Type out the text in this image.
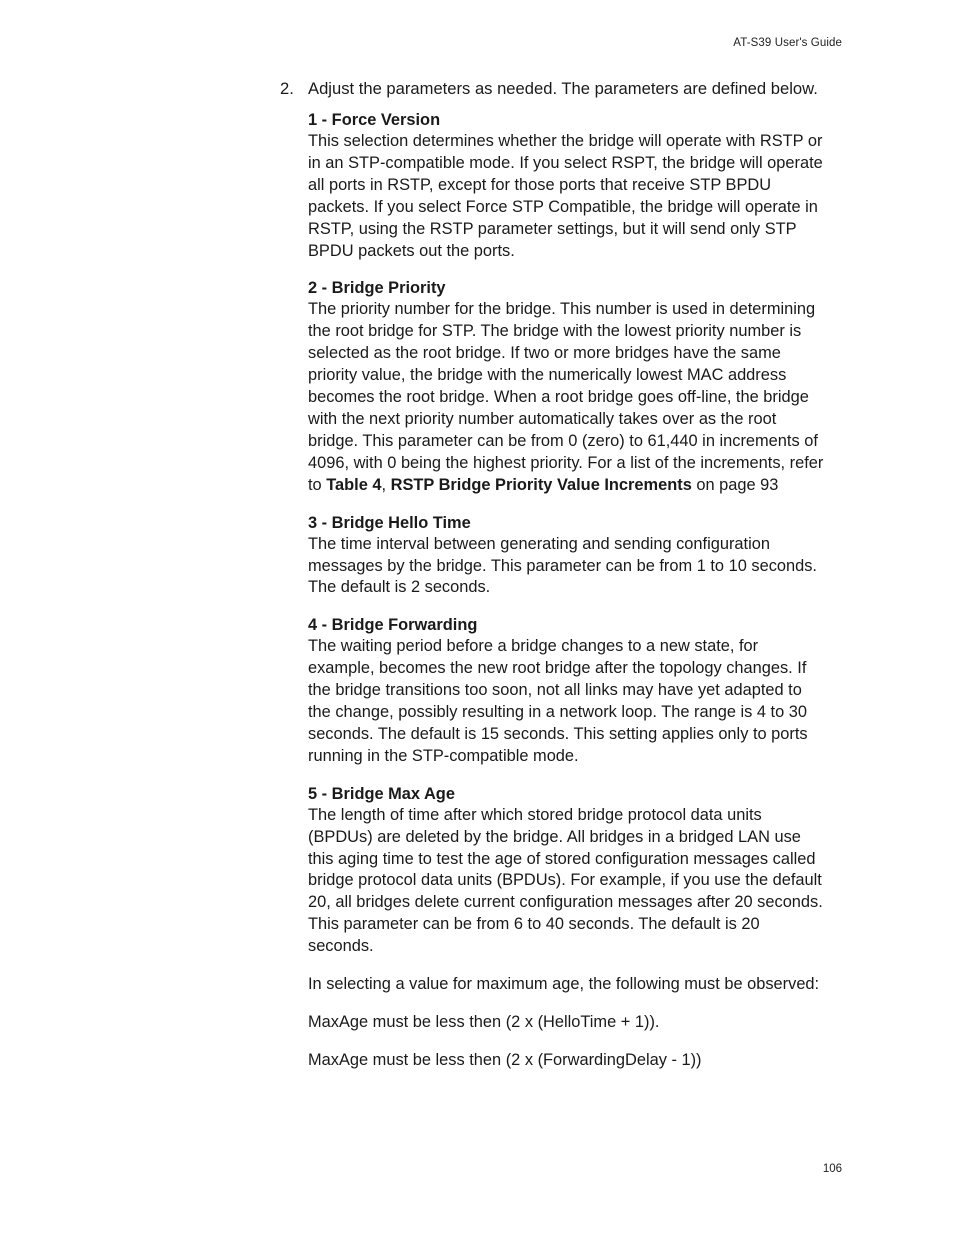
AT-S39 User's Guide
2. Adjust the parameters as needed. The parameters are defined below.
1 - Force Version
This selection determines whether the bridge will operate with RSTP or in an STP-compatible mode. If you select RSPT, the bridge will operate all ports in RSTP, except for those ports that receive STP BPDU packets. If you select Force STP Compatible, the bridge will operate in RSTP, using the RSTP parameter settings, but it will send only STP BPDU packets out the ports.
2 - Bridge Priority
The priority number for the bridge. This number is used in determining the root bridge for STP. The bridge with the lowest priority number is selected as the root bridge. If two or more bridges have the same priority value, the bridge with the numerically lowest MAC address becomes the root bridge. When a root bridge goes off-line, the bridge with the next priority number automatically takes over as the root bridge. This parameter can be from 0 (zero) to 61,440 in increments of 4096, with 0 being the highest priority. For a list of the increments, refer to Table 4, RSTP Bridge Priority Value Increments on page 93
3 - Bridge Hello Time
The time interval between generating and sending configuration messages by the bridge. This parameter can be from 1 to 10 seconds. The default is 2 seconds.
4 - Bridge Forwarding
The waiting period before a bridge changes to a new state, for example, becomes the new root bridge after the topology changes. If the bridge transitions too soon, not all links may have yet adapted to the change, possibly resulting in a network loop. The range is 4 to 30 seconds. The default is 15 seconds. This setting applies only to ports running in the STP-compatible mode.
5 - Bridge Max Age
The length of time after which stored bridge protocol data units (BPDUs) are deleted by the bridge. All bridges in a bridged LAN use this aging time to test the age of stored configuration messages called bridge protocol data units (BPDUs). For example, if you use the default 20, all bridges delete current configuration messages after 20 seconds. This parameter can be from 6 to 40 seconds. The default is 20 seconds.
In selecting a value for maximum age, the following must be observed:
MaxAge must be less then (2 x (HelloTime + 1)).
MaxAge must be less then (2 x (ForwardingDelay - 1))
106
